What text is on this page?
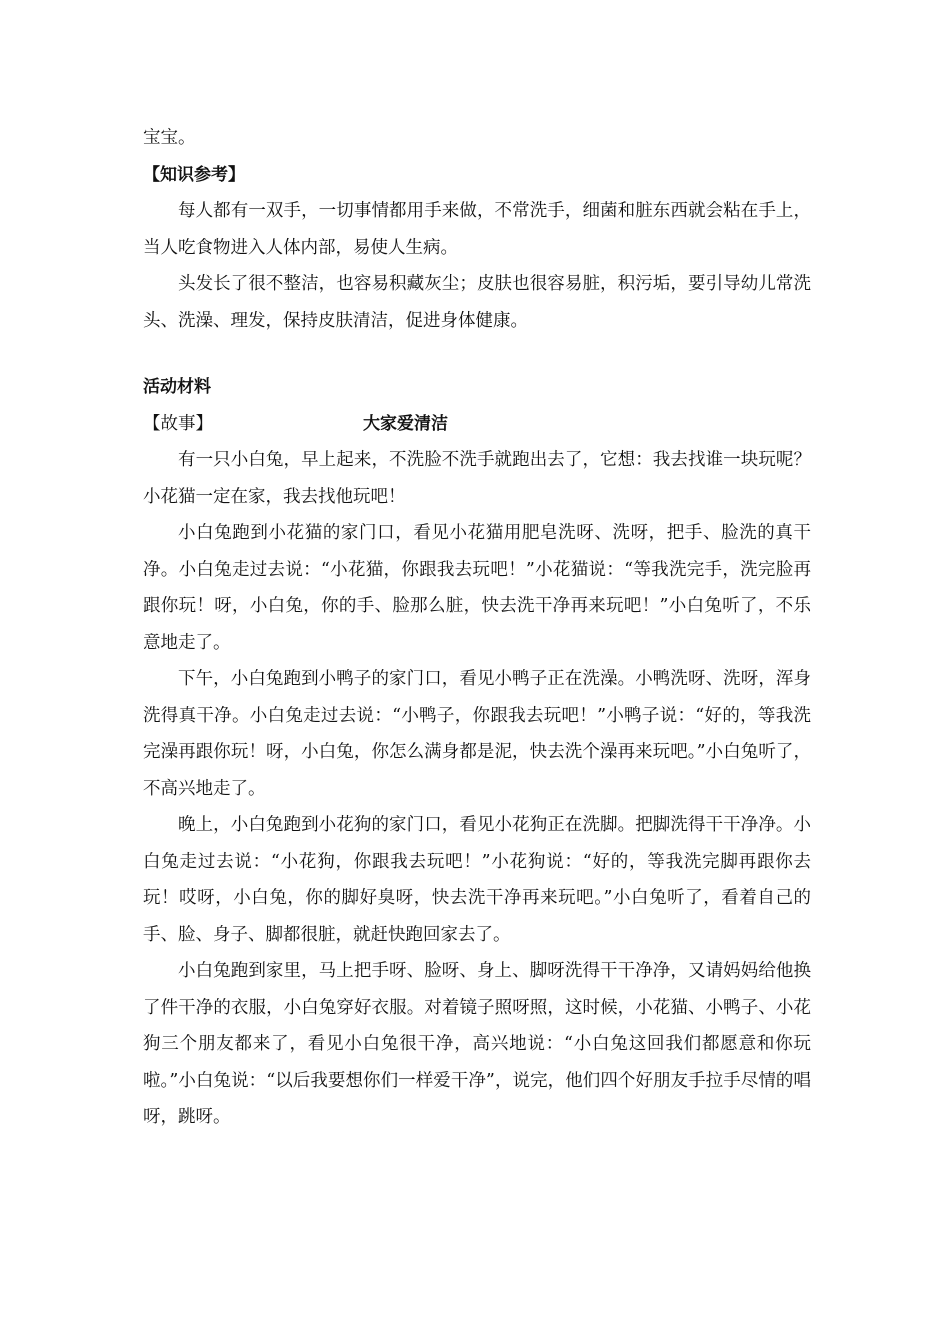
宝宝。

【知识参考】

每人都有一双手，一切事情都用手来做，不常洗手，细菌和脏东西就会粘在手上，当人吃食物进入人体内部，易使人生病。

头发长了很不整洁，也容易积藏灰尘；皮肤也很容易脏，积污垢，要引导幼儿常洗头、洗澡、理发，保持皮肤清洁，促进身体健康。

活动材料

【故事】	大家爱清洁

有一只小白兔，早上起来，不洗脸不洗手就跑出去了，它想：我去找谁一块玩呢？小花猫一定在家，我去找他玩吧！

小白兔跑到小花猫的家门口，看见小花猫用肥皂洗呀、洗呀，把手、脸洗的真干净。小白兔走过去说：“小花猫，你跟我去玩吧！”小花猫说：“等我洗完手，洗完脸再跟你玩！呀，小白兔，你的手、脸那么脏，快去洗干净再来玩吧！”小白兔听了，不乐意地走了。

下午，小白兔跑到小鸭子的家门口，看见小鸭子正在洗澡。小鸭洗呀、洗呀，浑身洗得真干净。小白兔走过去说：“小鸭子，你跟我去玩吧！”小鸭子说：“好的，等我洗完澡再跟你玩！呀，小白兔，你怎么满身都是泥，快去洗个澡再来玩吧。”小白兔听了，不高兴地走了。

晚上，小白兔跑到小花狗的家门口，看见小花狗正在洗脚。把脚洗得干干净净。小白兔走过去说：“小花狗，你跟我去玩吧！”小花狗说：“好的，等我洗完脚再跟你去玩！哎呀，小白兔，你的脚好臭呀，快去洗干净再来玩吧。”小白兔听了，看着自己的手、脸、身子、脚都很脏，就赶快跑回家去了。

小白兔跑到家里，马上把手呀、脸呀、身上、脚呀洗得干干净净，又请妈妈给他换了件干净的衣服，小白兔穿好衣服。对着镜子照呀照，这时候，小花猫、小鸭子、小花狗三个朋友都来了，看见小白兔很干净，高兴地说：“小白兔这回我们都愿意和你玩啦。”小白兔说：“以后我要想你们一样爱干净”，说完，他们四个好朋友手拉手尽情的唱呀，跳呀。
